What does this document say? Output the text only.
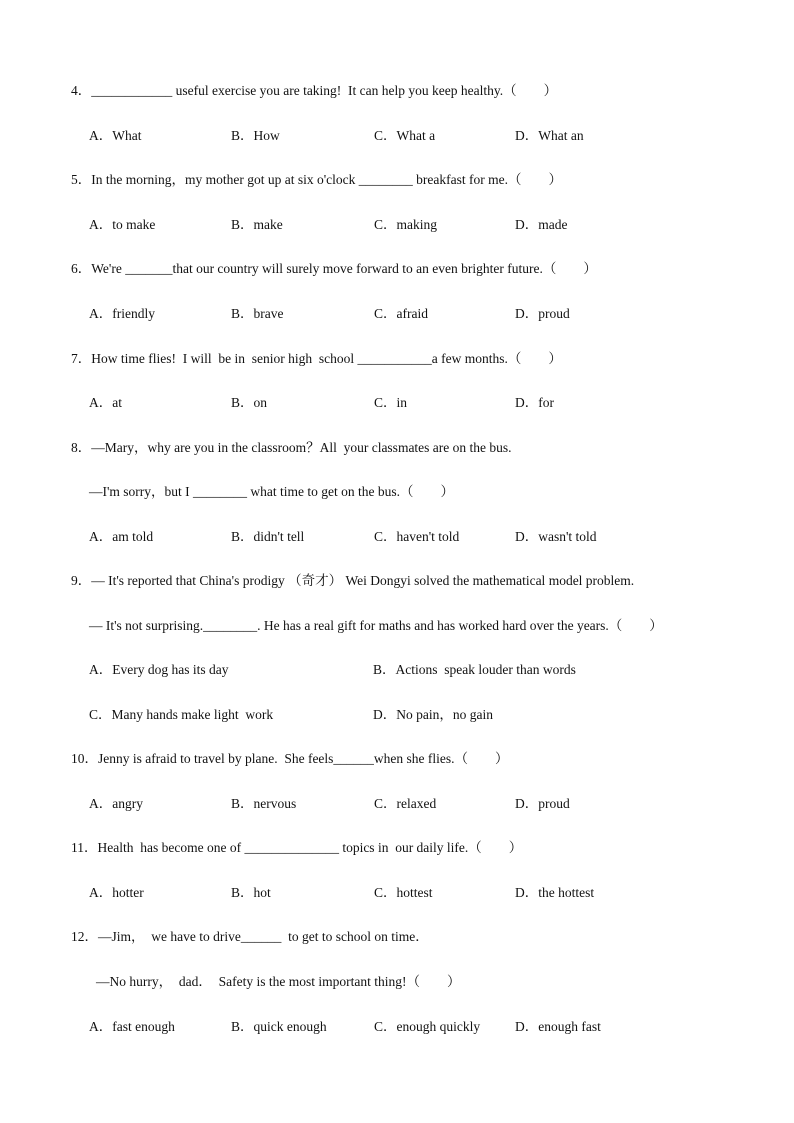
4．____________ useful exercise you are taking!  It can help you keep healthy.（　　）
A．What	B．How	C．What a	D．What an
5．In the morning，my mother got up at six o'clock ________ breakfast for me.（　　）
A．to make	B．make	C．making	D．made
6．We're _______that our country will surely move forward to an even brighter future.（　　）
A．friendly	B．brave	C．afraid	D．proud
7．How time flies!  I will  be in  senior high  school ___________a few months.（　　）
A．at	B．on	C．in	D．for
8．—Mary，why are you in the classroom？All  your classmates are on the bus.
—I'm sorry，but I ________ what time to get on the bus.（　　）
A．am told	B．didn't tell	C．haven't told	D．wasn't told
9．— It's reported that China's prodigy （奇才） Wei Dongyi solved the mathematical model problem.
— It's not surprising.________. He has a real gift for maths and has worked hard over the years.（　　）
A．Every dog has its day	B．Actions  speak louder than words
C．Many hands make light  work	D．No pain，no gain
10．Jenny is afraid to travel by plane.  She feels______when she flies.（　　）
A．angry	B．nervous	C．relaxed	D．proud
11．Health  has become one of ______________ topics in  our daily life.（　　）
A．hotter	B．hot	C．hottest	D．the hottest
12．—Jim，  we have to drive______  to get to school on time．
—No hurry，  dad．  Safety is the most important thing!（　　）
A．fast enough	B．quick enough	C．enough quickly	D．enough fast
